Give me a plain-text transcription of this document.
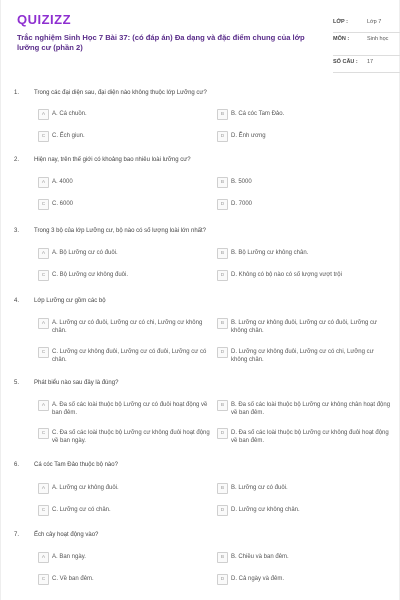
QUIZIZZ
Trắc nghiệm Sinh Học 7 Bài 37: (có đáp án) Đa dạng và đặc điểm chung của lớp lưỡng cư (phần 2)
LỚP :	Lớp 7
MÔN :	Sinh học
SỐ CÂU : 17
1. Trong các đại diện sau, đại diện nào không thuộc lớp Lưỡng cư?
A	A. Cá chuồn.	B	B. Cá cóc Tam Đảo.
C	C. Ếch giun.	D	D. Ễnh ương
2. Hiện nay, trên thế giới có khoảng bao nhiêu loài lưỡng cư?
A	A. 4000	B	B. 5000
C	C. 6000	D	D. 7000
3. Trong 3 bộ của lớp Lưỡng cư, bộ nào có số lượng loài lớn nhất?
A	A. Bộ Lưỡng cư có đuôi.	B	B. Bộ Lưỡng cư không chân.
C	C. Bộ Lưỡng cư không đuôi.	D	D. Không có bộ nào có số lượng vượt trội
4. Lớp Lưỡng cư gồm các bộ
A	A. Lưỡng cư có đuôi, Lưỡng cư có chi, Lưỡng cư không chân.
B	B. Lưỡng cư không đuôi, Lưỡng cư có đuôi, Lưỡng cư không chân.
C	C. Lưỡng cư không đuôi, Lưỡng cư có đuôi, Lưỡng cư có chân.
D	D. Lưỡng cư không đuôi, Lưỡng cư có chi, Lưỡng cư không chân.
5. Phát biểu nào sau đây là đúng?
A	A. Đa số các loài thuộc bộ Lưỡng cư có đuôi hoạt động về ban đêm.
B	B. Đa số các loài thuộc bộ Lưỡng cư không chân hoạt động về ban đêm.
C	C. Đa số các loài thuộc bộ Lưỡng cư không đuôi hoạt động về ban ngày.
D	D. Đa số các loài thuộc bộ Lưỡng cư không đuôi hoạt động về ban đêm.
6. Cá cóc Tam Đảo thuộc bộ nào?
A	A. Lưỡng cư không đuôi.	B	B. Lưỡng cư có đuôi.
C	C. Lưỡng cư có chân.	D	D. Lưỡng cư không chân.
7. Ếch cây hoạt động vào?
A	A. Ban ngày.	B	B. Chiều và ban đêm.
C	C. Về ban đêm.	D	D. Cả ngày và đêm.
